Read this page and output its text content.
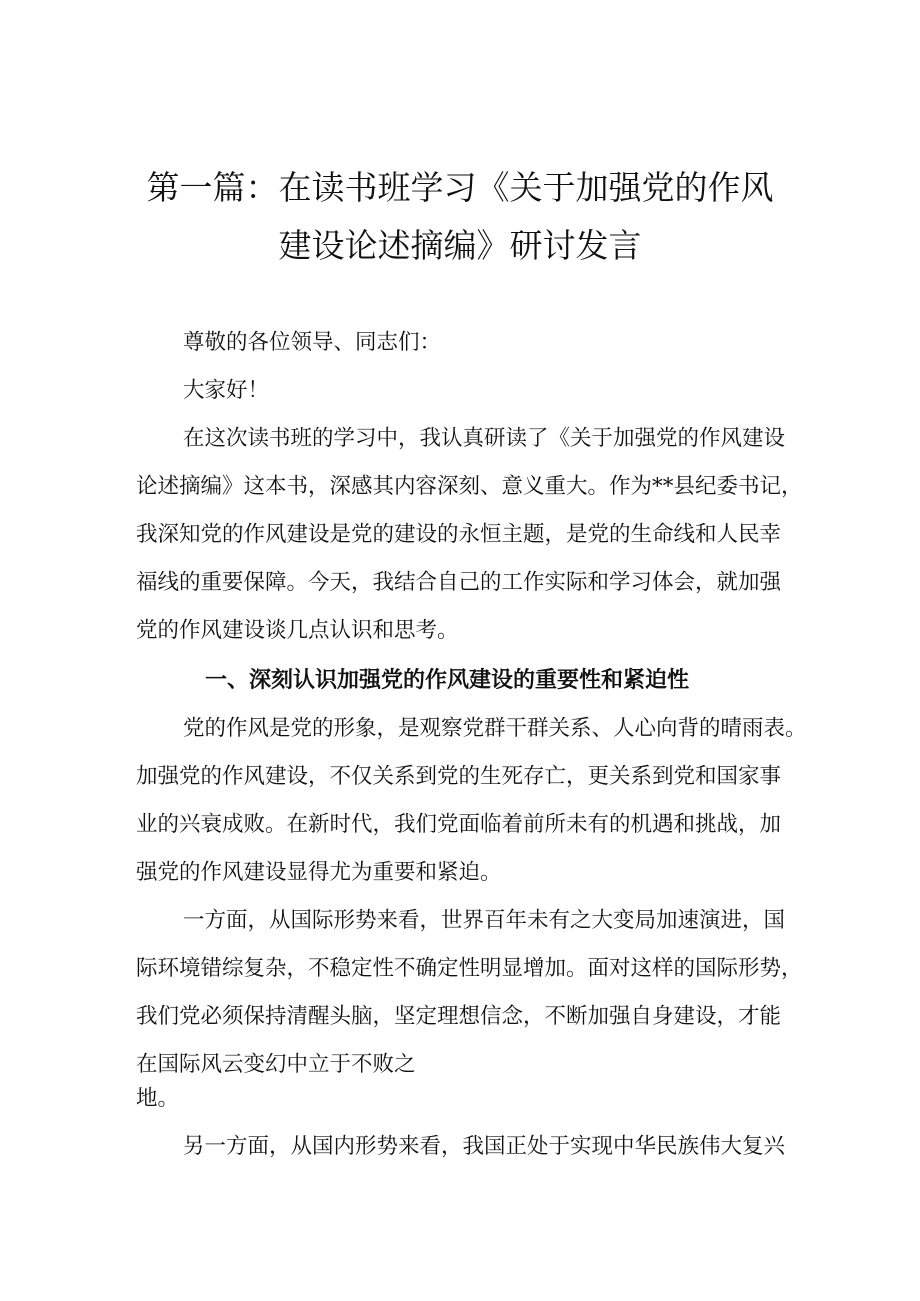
第一篇：在读书班学习《关于加强党的作风
建设论述摘编》研讨发言

尊敬的各位领导、同志们：

大家好！

在这次读书班的学习中，我认真研读了《关于加强党的作风建设

论述摘编》这本书，深感其内容深刻、意义重大。作为**县纪委书记，

我深知党的作风建设是党的建设的永恒主题，是党的生命线和人民幸

福线的重要保障。今天，我结合自己的工作实际和学习体会，就加强

党的作风建设谈几点认识和思考。

一、深刻认识加强党的作风建设的重要性和紧迫性

党的作风是党的形象，是观察党群干群关系、人心向背的晴雨表。

加强党的作风建设，不仅关系到党的生死存亡，更关系到党和国家事

业的兴衰成败。在新时代，我们党面临着前所未有的机遇和挑战，加

强党的作风建设显得尤为重要和紧迫。

一方面，从国际形势来看，世界百年未有之大变局加速演进，国

际环境错综复杂，不稳定性不确定性明显增加。面对这样的国际形势，

我们党必须保持清醒头脑，坚定理想信念，不断加强自身建设，才能

在国际风云变幻中立于不败之

地。

另一方面，从国内形势来看，我国正处于实现中华民族伟大复兴
